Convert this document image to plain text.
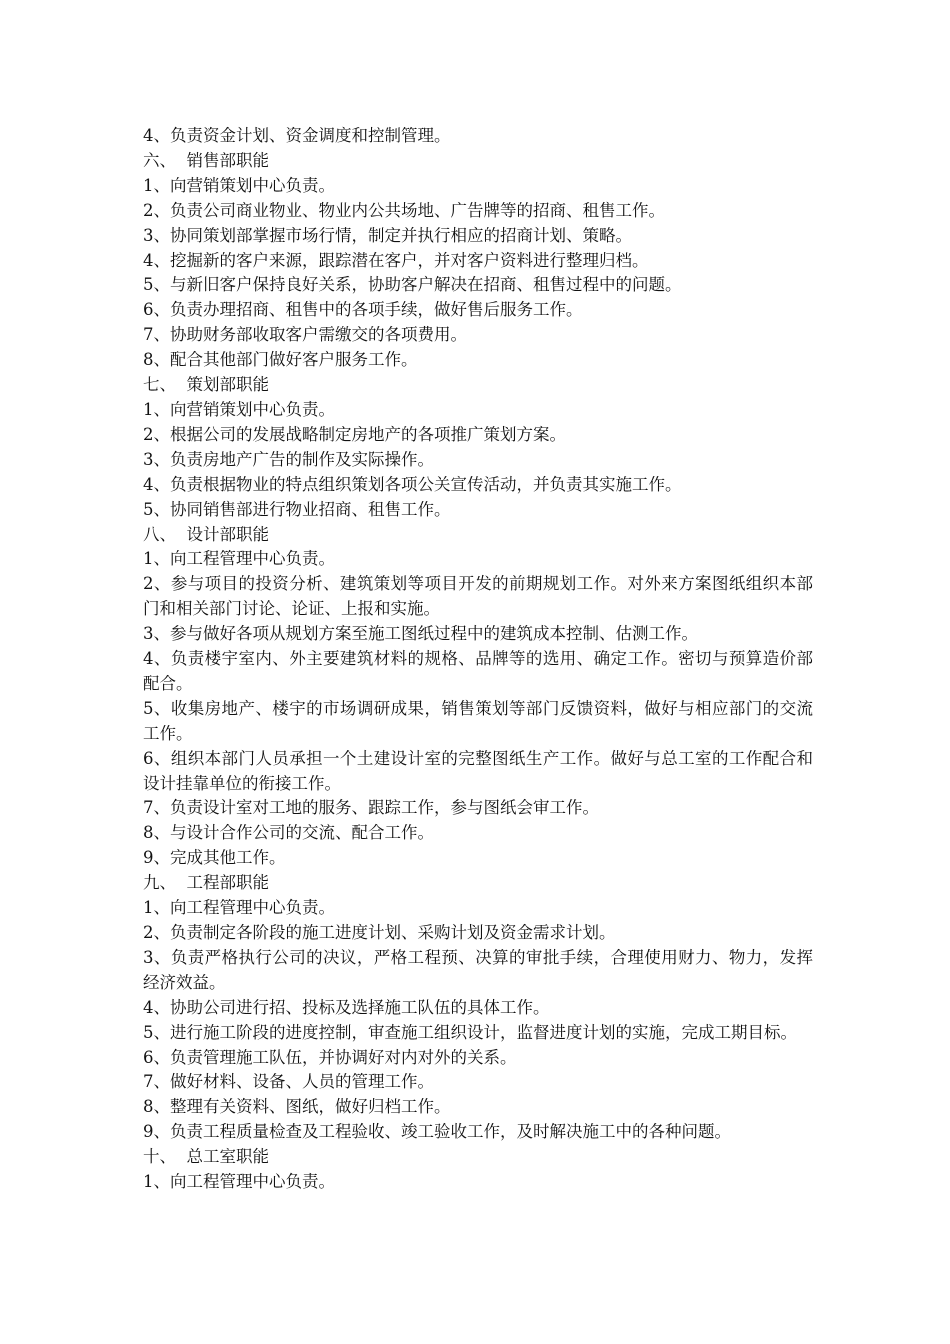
4、负责资金计划、资金调度和控制管理。
六、  销售部职能
1、向营销策划中心负责。
2、负责公司商业物业、物业内公共场地、广告牌等的招商、租售工作。
3、协同策划部掌握市场行情，制定并执行相应的招商计划、策略。
4、挖掘新的客户来源，跟踪潜在客户，并对客户资料进行整理归档。
5、与新旧客户保持良好关系，协助客户解决在招商、租售过程中的问题。
6、负责办理招商、租售中的各项手续，做好售后服务工作。
7、协助财务部收取客户需缴交的各项费用。
8、配合其他部门做好客户服务工作。
七、  策划部职能
1、向营销策划中心负责。
2、根据公司的发展战略制定房地产的各项推广策划方案。
3、负责房地产广告的制作及实际操作。
4、负责根据物业的特点组织策划各项公关宣传活动，并负责其实施工作。
5、协同销售部进行物业招商、租售工作。
八、  设计部职能
1、向工程管理中心负责。
2、参与项目的投资分析、建筑策划等项目开发的前期规划工作。对外来方案图纸组织本部门和相关部门讨论、论证、上报和实施。
3、参与做好各项从规划方案至施工图纸过程中的建筑成本控制、估测工作。
4、负责楼宇室内、外主要建筑材料的规格、品牌等的选用、确定工作。密切与预算造价部配合。
5、收集房地产、楼宇的市场调研成果，销售策划等部门反馈资料，做好与相应部门的交流工作。
6、组织本部门人员承担一个土建设计室的完整图纸生产工作。做好与总工室的工作配合和设计挂靠单位的衔接工作。
7、负责设计室对工地的服务、跟踪工作，参与图纸会审工作。
8、与设计合作公司的交流、配合工作。
9、完成其他工作。
九、  工程部职能
1、向工程管理中心负责。
2、负责制定各阶段的施工进度计划、采购计划及资金需求计划。
3、负责严格执行公司的决议，严格工程预、决算的审批手续，合理使用财力、物力，发挥经济效益。
4、协助公司进行招、投标及选择施工队伍的具体工作。
5、进行施工阶段的进度控制，审查施工组织设计，监督进度计划的实施，完成工期目标。
6、负责管理施工队伍，并协调好对内对外的关系。
7、做好材料、设备、人员的管理工作。
8、整理有关资料、图纸，做好归档工作。
9、负责工程质量检查及工程验收、竣工验收工作，及时解决施工中的各种问题。
十、  总工室职能
1、向工程管理中心负责。
